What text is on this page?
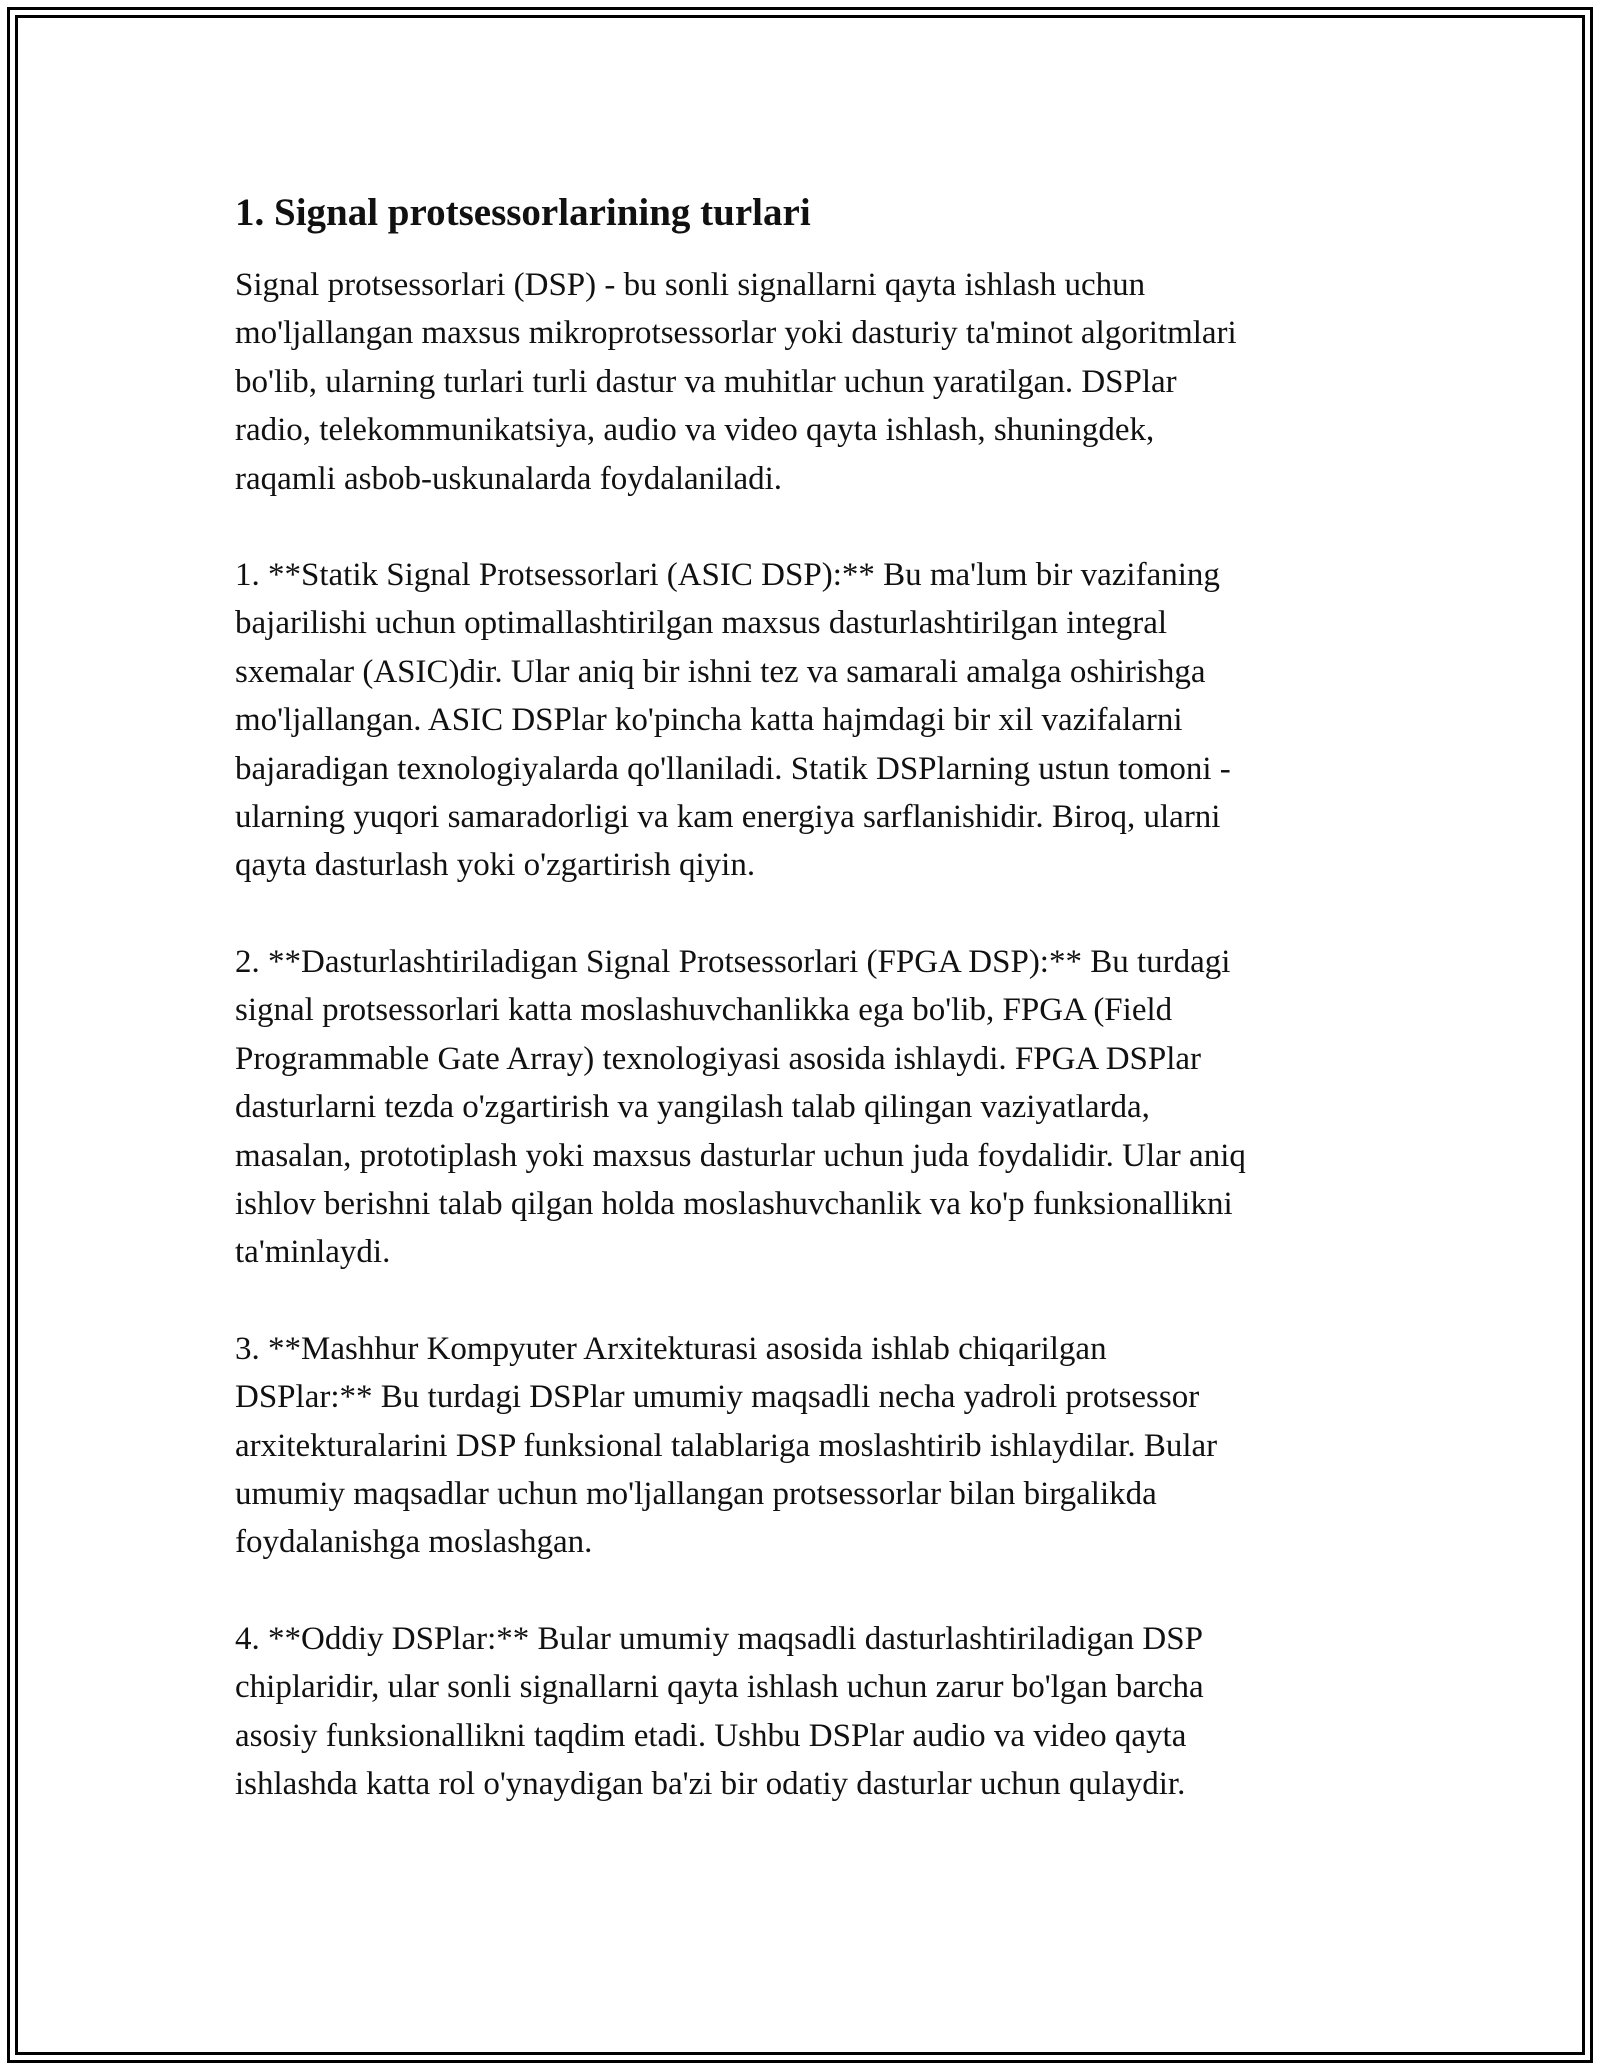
1. Signal protsessorlarining turlari

Signal protsessorlari (DSP) - bu sonli signallarni qayta ishlash uchun
mo'ljallangan maxsus mikroprotsessorlar yoki dasturiy ta'minot algoritmlari
bo'lib, ularning turlari turli dastur va muhitlar uchun yaratilgan. DSPlar
radio, telekommunikatsiya, audio va video qayta ishlash, shuningdek,
raqamli asbob-uskunalarda foydalaniladi.

1. **Statik Signal Protsessorlari (ASIC DSP):** Bu ma'lum bir vazifaning
bajarilishi uchun optimallashtirilgan maxsus dasturlashtirilgan integral
sxemalar (ASIC)dir. Ular aniq bir ishni tez va samarali amalga oshirishga
mo'ljallangan. ASIC DSPlar ko'pincha katta hajmdagi bir xil vazifalarni
bajaradigan texnologiyalarda qo'llaniladi. Statik DSPlarning ustun tomoni -
ularning yuqori samaradorligi va kam energiya sarflanishidir. Biroq, ularni
qayta dasturlash yoki o'zgartirish qiyin.

2. **Dasturlashtiriladigan Signal Protsessorlari (FPGA DSP):** Bu turdagi
signal protsessorlari katta moslashuvchanlikka ega bo'lib, FPGA (Field
Programmable Gate Array) texnologiyasi asosida ishlaydi. FPGA DSPlar
dasturlarni tezda o'zgartirish va yangilash talab qilingan vaziyatlarda,
masalan, prototiplash yoki maxsus dasturlar uchun juda foydalidir. Ular aniq
ishlov berishni talab qilgan holda moslashuvchanlik va ko'p funksionallikni
ta'minlaydi.

3. **Mashhur Kompyuter Arxitekturasi asosida ishlab chiqarilgan
DSPlar:** Bu turdagi DSPlar umumiy maqsadli necha yadroli protsessor
arxitekturalarini DSP funksional talablariga moslashtirib ishlaydilar. Bular
umumiy maqsadlar uchun mo'ljallangan protsessorlar bilan birgalikda
foydalanishga moslashgan.

4. **Oddiy DSPlar:** Bular umumiy maqsadli dasturlashtiriladigan DSP
chiplaridir, ular sonli signallarni qayta ishlash uchun zarur bo'lgan barcha
asosiy funksionallikni taqdim etadi. Ushbu DSPlar audio va video qayta
ishlashda katta rol o'ynaydigan ba'zi bir odatiy dasturlar uchun qulaydir.
